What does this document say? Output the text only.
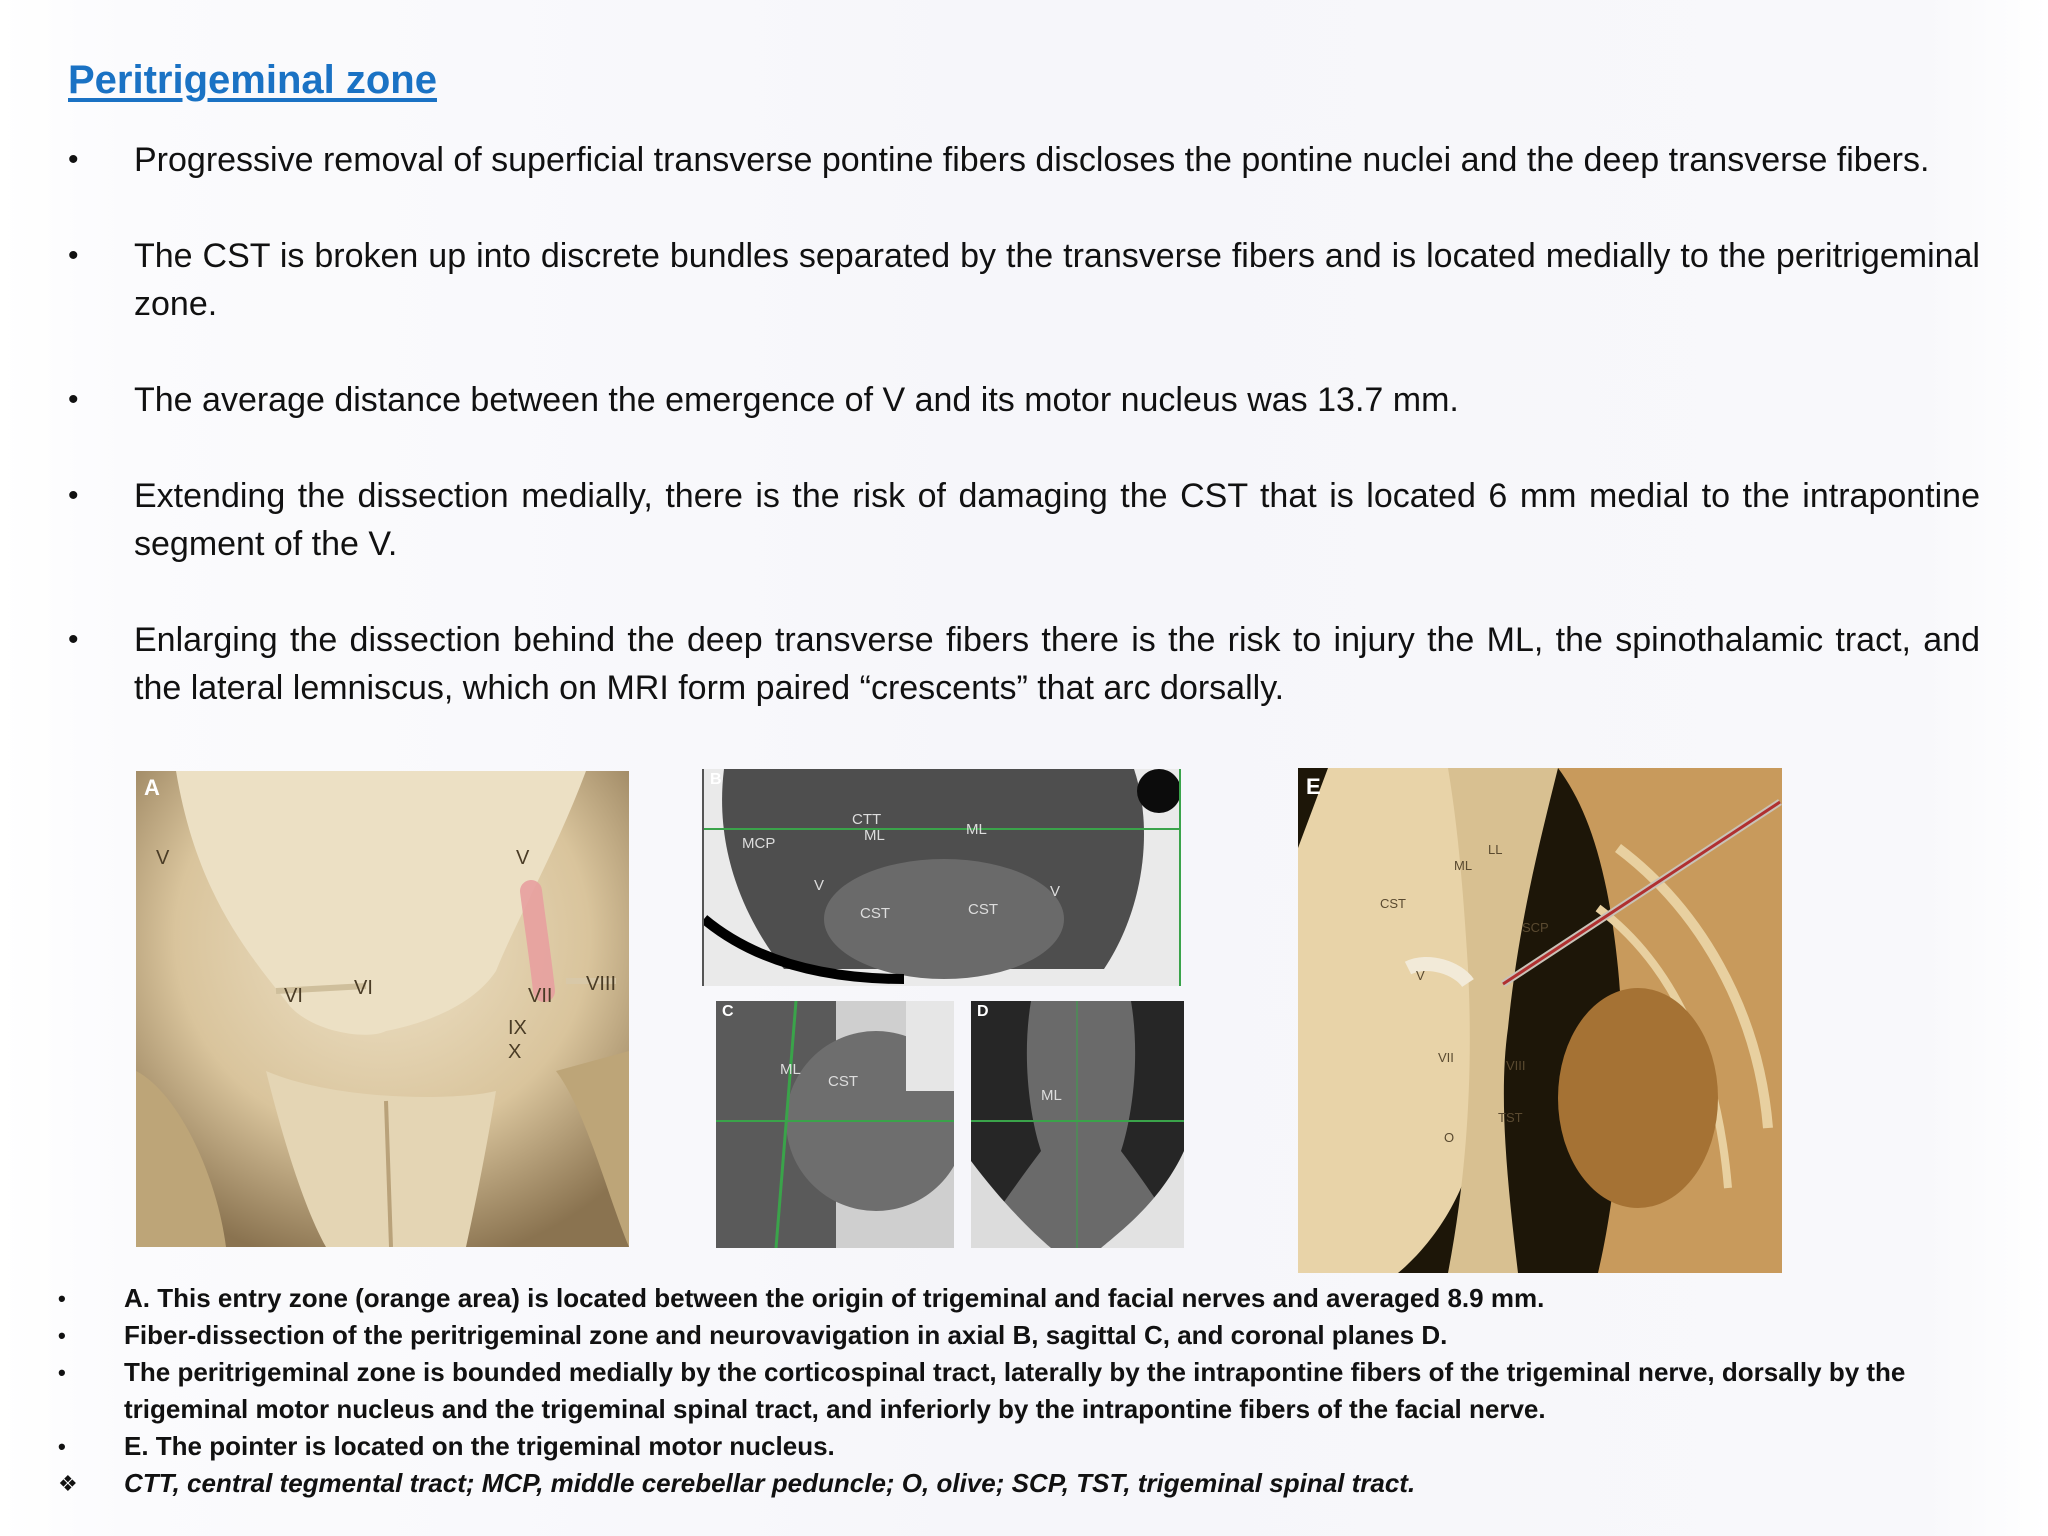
Peritrigeminal zone
• Progressive removal of superficial transverse pontine fibers discloses the pontine nuclei and the deep transverse fibers.
• The CST is broken up into discrete bundles separated by the transverse fibers and is located medially to the peritrigeminal zone.
• The average distance between the emergence of V and its motor nucleus was 13.7 mm.
• Extending the dissection medially, there is the risk of damaging the CST that is located 6 mm medial to the intrapontine segment of the V.
• Enlarging the dissection behind the deep transverse fibers there is the risk to injury the ML, the spinothalamic tract, and the lateral lemniscus, which on MRI form paired “crescents” that arc dorsally.
A
V	V
VI	VI	VII
VIII
IX
X
B
MCP
CTT
ML	ML
V
CST	CST
V
C
ML
CST
D
ML
E
LL
ML
CST
SCP
V
VII
VIII
TST
O
• A. This entry zone (orange area) is located between the origin of trigeminal and facial nerves and averaged 8.9 mm.
• Fiber-dissection of the peritrigeminal zone and neurovavigation in axial B, sagittal C, and coronal planes D.
• The peritrigeminal zone is bounded medially by the corticospinal tract, laterally by the intrapontine fibers of the trigeminal nerve, dorsally by the trigeminal motor nucleus and the trigeminal spinal tract, and inferiorly by the intrapontine fibers of the facial nerve.
• E. The pointer is located on the trigeminal motor nucleus.
❖ CTT, central tegmental tract; MCP, middle cerebellar peduncle; O, olive; SCP, TST, trigeminal spinal tract.
